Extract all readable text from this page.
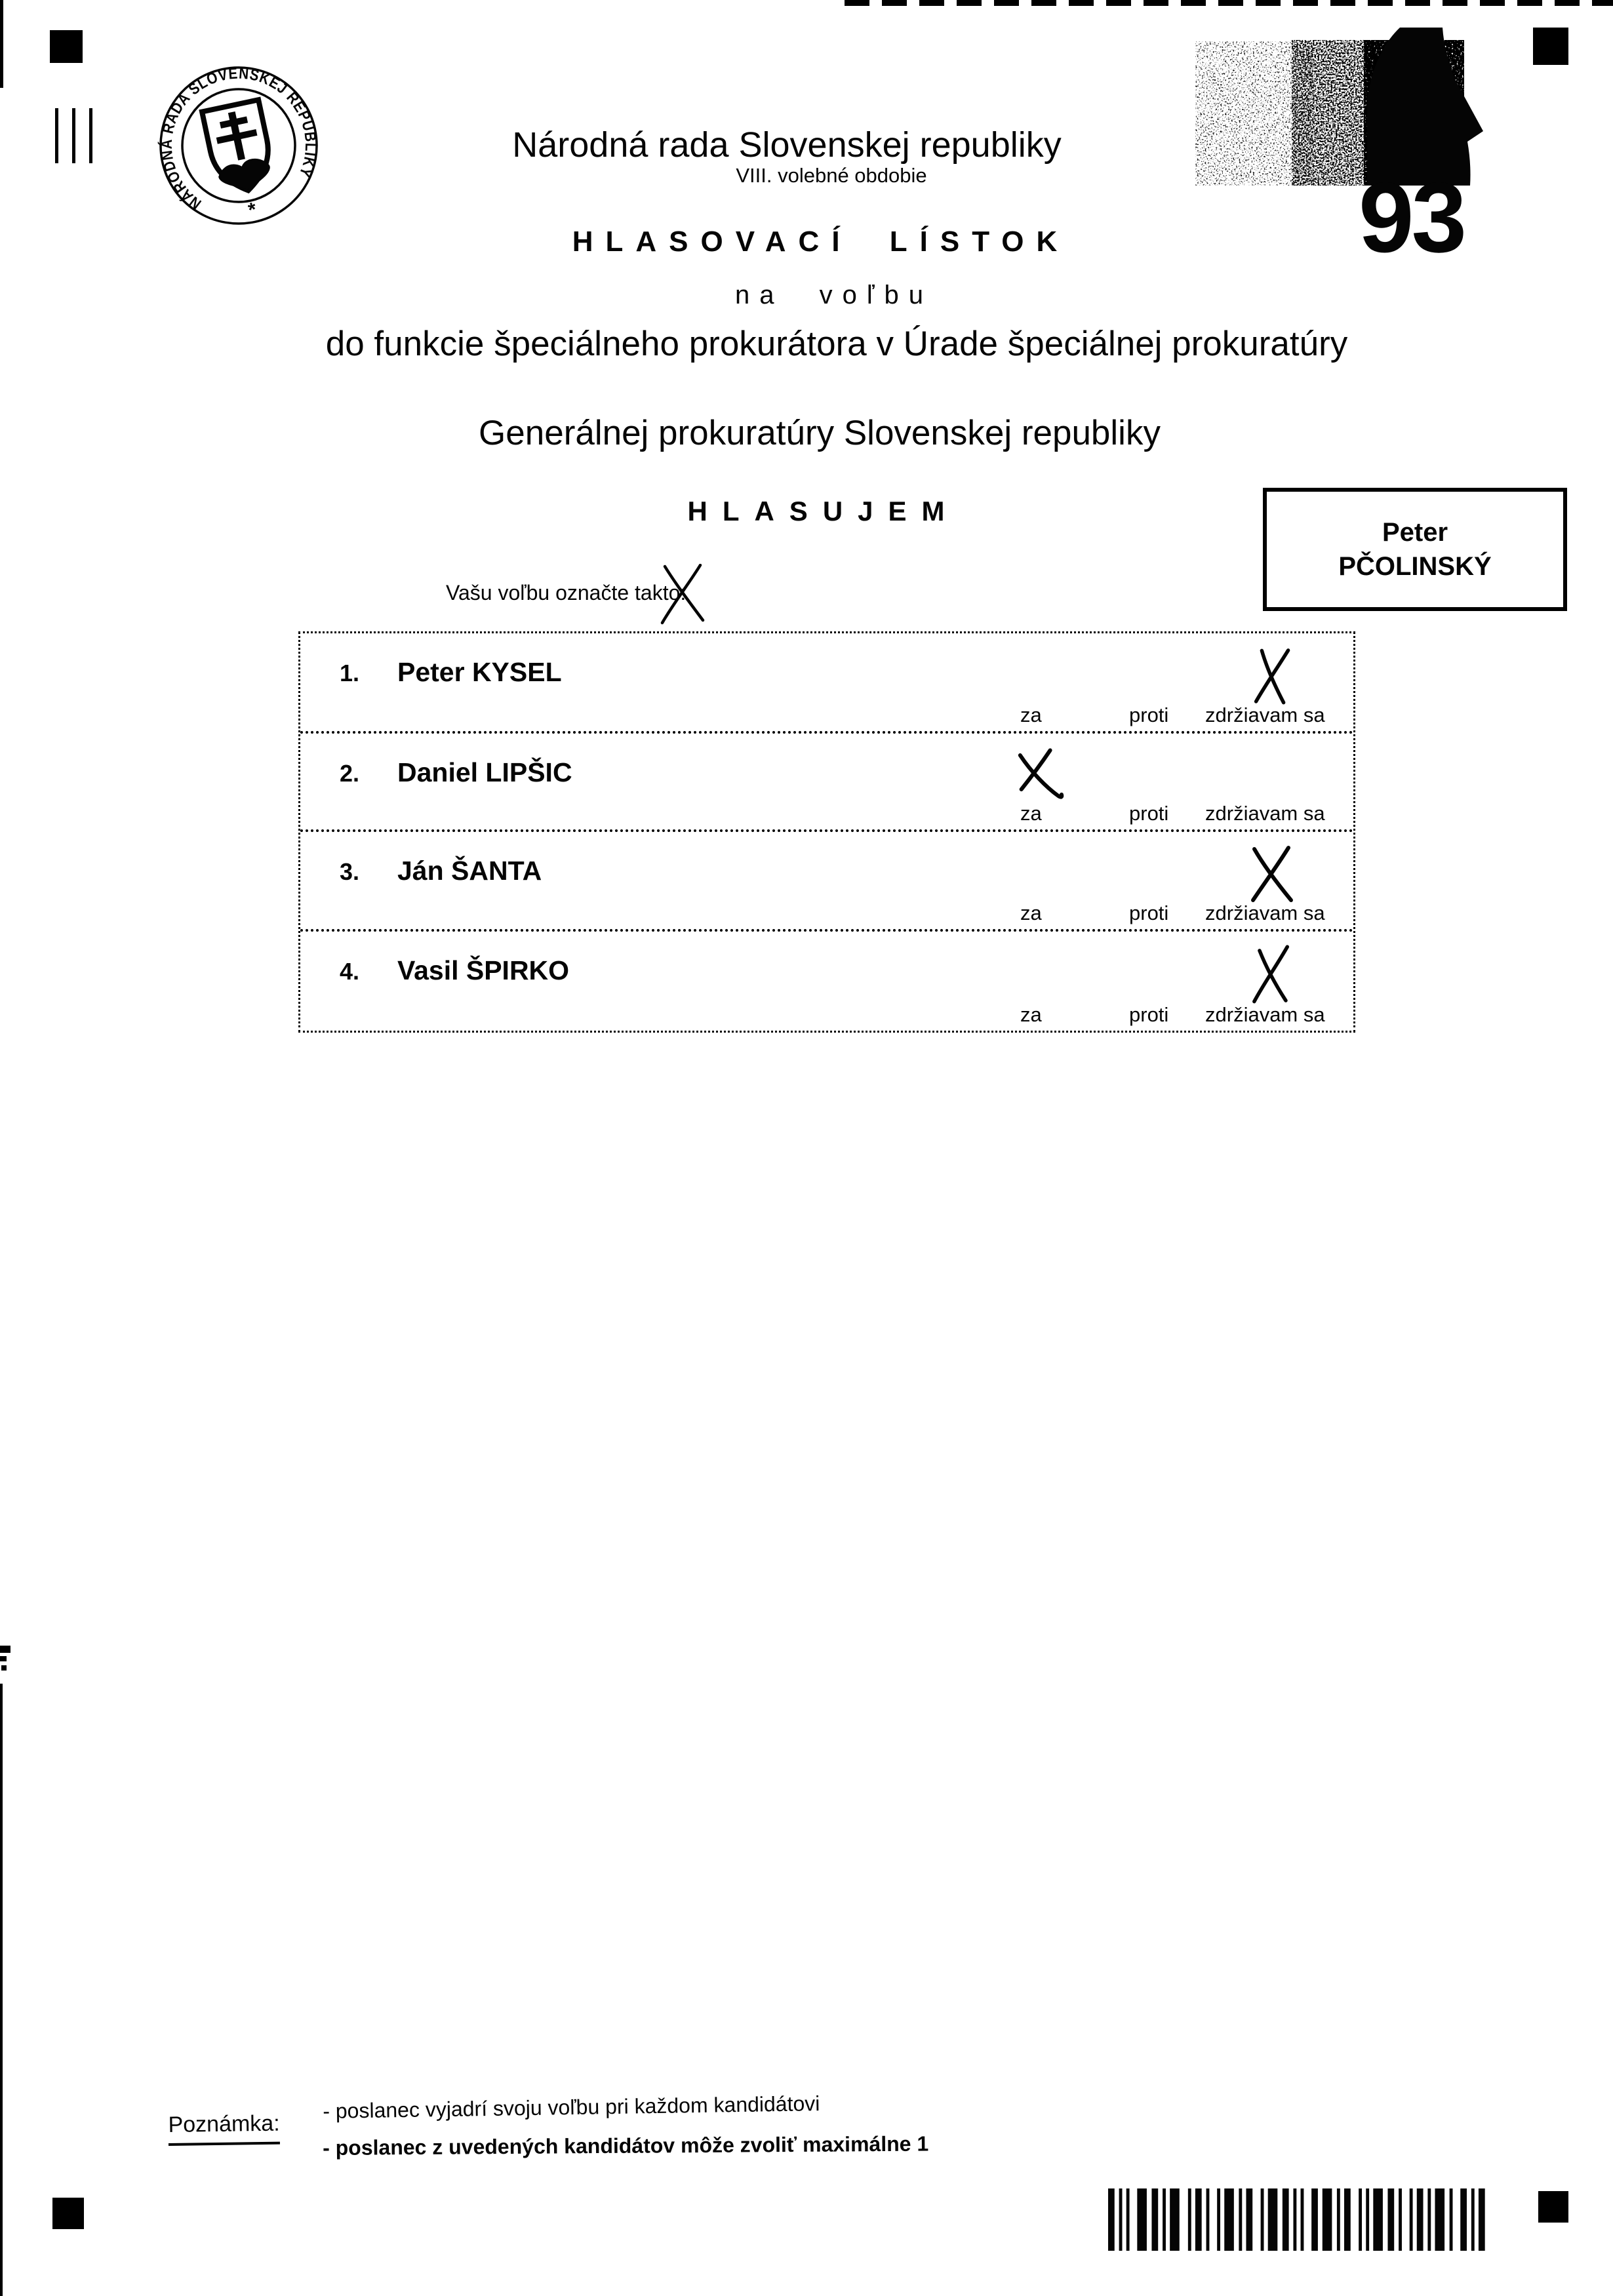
NÁRODNÁ RADA SLOVENSKEJ REPUBLIKY
*
Národná rada Slovenskej republiky
VIII. volebné obdobie
HLASOVACÍ LÍSTOK
na voľbu
93
do funkcie špeciálneho prokurátora v Úrade špeciálnej prokuratúry
Generálnej prokuratúry Slovenskej republiky
HLASUJEM
Peter
PČOLINSKÝ
Vašu voľbu označte takto:
1. Peter KYSEL
za	proti zdržiavam sa
2. Daniel LIPŠIC
za	proti zdržiavam sa
3. Ján ŠANTA
za	proti zdržiavam sa
4. Vasil ŠPIRKO
za	proti zdržiavam sa
Poznámka:
- poslanec vyjadrí svoju voľbu pri každom kandidátovi
- poslanec z uvedených kandidátov môže zvoliť maximálne 1
